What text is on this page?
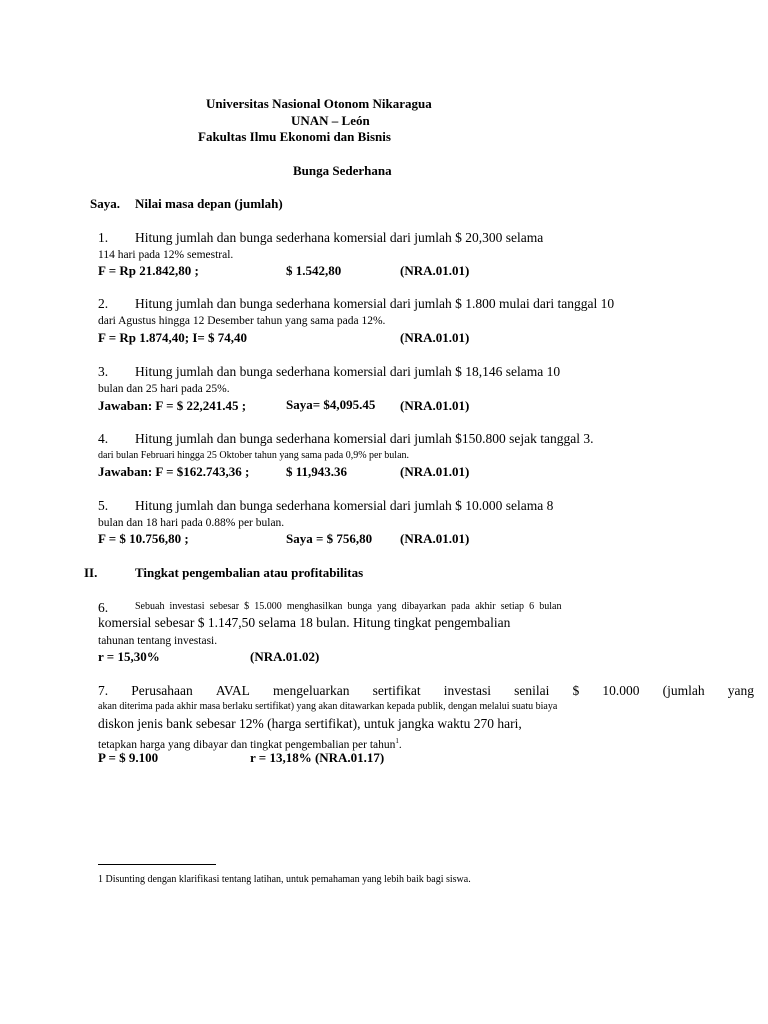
Universitas Nasional Otonom Nikaragua
UNAN – León
Fakultas Ilmu Ekonomi dan Bisnis
Bunga Sederhana
Saya. Nilai masa depan (jumlah)
1. Hitung jumlah dan bunga sederhana komersial dari jumlah $ 20,300 selama
114 hari pada 12% semestral.
F = Rp 21.842,80 ;	$ 1.542,80	(NRA.01.01)
2. Hitung jumlah dan bunga sederhana komersial dari jumlah $ 1.800 mulai dari tanggal 10
dari Agustus hingga 12 Desember tahun yang sama pada 12%.
F = Rp 1.874,40; I= $ 74,40	(NRA.01.01)
3. Hitung jumlah dan bunga sederhana komersial dari jumlah $ 18,146 selama 10
bulan dan 25 hari pada 25%.
Jawaban: F = $ 22,241.45 ;	Saya= $4,095.45 (NRA.01.01)
4. Hitung jumlah dan bunga sederhana komersial dari jumlah $150.800 sejak tanggal 3.
dari bulan Februari hingga 25 Oktober tahun yang sama pada 0,9% per bulan.
Jawaban: F = $162.743,36 ;	$ 11,943.36	(NRA.01.01)
5. Hitung jumlah dan bunga sederhana komersial dari jumlah $ 10.000 selama 8
bulan dan 18 hari pada 0.88% per bulan.
F = $ 10.756,80 ;	Saya = $ 756,80 (NRA.01.01)
II.	Tingkat pengembalian atau profitabilitas
6.	Sebuah investasi sebesar $ 15.000 menghasilkan bunga yang dibayarkan pada akhir setiap 6 bulan
komersial sebesar $ 1.147,50 selama 18 bulan. Hitung tingkat pengembalian
tahunan tentang investasi.
r = 15,30%	(NRA.01.02)
7. Perusahaan AVAL mengeluarkan sertifikat investasi senilai $ 10.000 (jumlah yang
akan diterima pada akhir masa berlaku sertifikat) yang akan ditawarkan kepada publik, dengan melalui suatu biaya
diskon jenis bank sebesar 12% (harga sertifikat), untuk jangka waktu 270 hari,
tetapkan harga yang dibayar dan tingkat pengembalian per tahun$^1$.
P = $ 9.100	r = 13,18% (NRA.01.17)
1 Disunting dengan klarifikasi tentang latihan, untuk pemahaman yang lebih baik bagi siswa.
